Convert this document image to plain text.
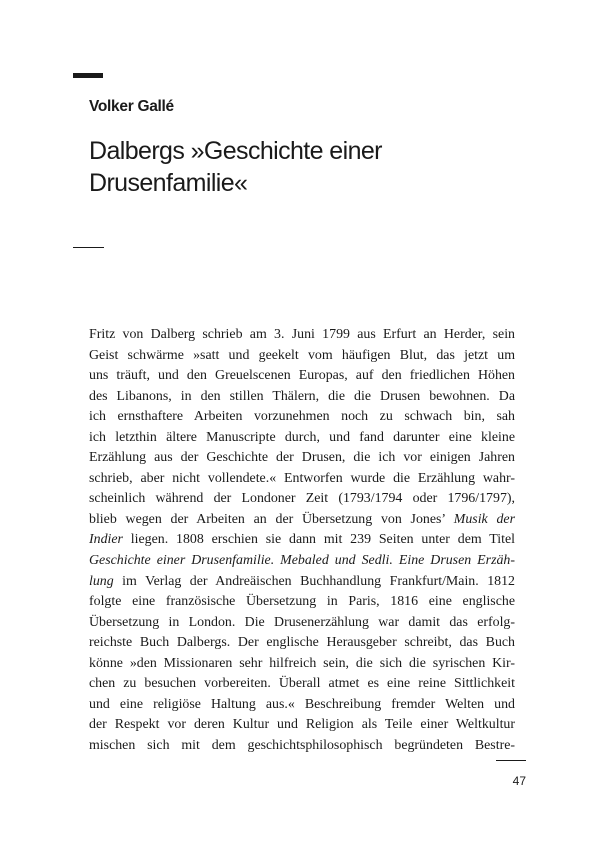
Volker Gallé
Dalbergs »Geschichte einer
Drusenfamilie«
Fritz von Dalberg schrieb am 3. Juni 1799 aus Erfurt an Herder, sein
Geist schwärme »satt und geekelt vom häufigen Blut, das jetzt um
uns träuft, und den Greuelscenen Europas, auf den friedlichen Höhen
des Libanons, in den stillen Thälern, die die Drusen bewohnen. Da
ich ernsthaftere Arbeiten vorzunehmen noch zu schwach bin, sah
ich letzthin ältere Manuscripte durch, und fand darunter eine kleine
Erzählung aus der Geschichte der Drusen, die ich vor einigen Jahren
schrieb, aber nicht vollendete.« Entworfen wurde die Erzählung wahr-
scheinlich während der Londoner Zeit (1793/1794 oder 1796/1797),
blieb wegen der Arbeiten an der Übersetzung von Jones’ Musik der
Indier liegen. 1808 erschien sie dann mit 239 Seiten unter dem Titel
Geschichte einer Drusenfamilie. Mebaled und Sedli. Eine Drusen Erzäh-
lung im Verlag der Andreäischen Buchhandlung Frankfurt/Main. 1812
folgte eine französische Übersetzung in Paris, 1816 eine englische
Übersetzung in London. Die Drusenerzählung war damit das erfolg-
reichste Buch Dalbergs. Der englische Herausgeber schreibt, das Buch
könne »den Missionaren sehr hilfreich sein, die sich die syrischen Kir-
chen zu besuchen vorbereiten. Überall atmet es eine reine Sittlichkeit
und eine religiöse Haltung aus.« Beschreibung fremder Welten und
der Respekt vor deren Kultur und Religion als Teile einer Weltkultur
mischen sich mit dem geschichtsphilosophisch begründeten Bestre-
47
